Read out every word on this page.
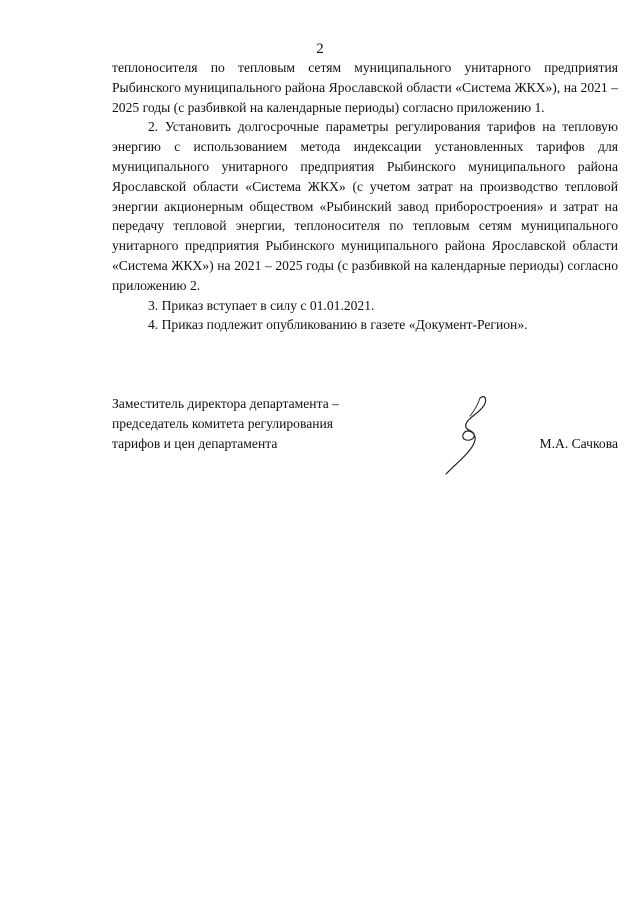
2

теплоносителя по тепловым сетям муниципального унитарного предприятия Рыбинского муниципального района Ярославской области «Система ЖКХ»), на 2021 – 2025 годы (с разбивкой на календарные периоды) согласно приложению 1.

2. Установить долгосрочные параметры регулирования тарифов на тепловую энергию с использованием метода индексации установленных тарифов для муниципального унитарного предприятия Рыбинского муниципального района Ярославской области «Система ЖКХ» (с учетом затрат на производство тепловой энергии акционерным обществом «Рыбинский завод приборостроения» и затрат на передачу тепловой энергии, теплоносителя по тепловым сетям муниципального унитарного предприятия Рыбинского муниципального района Ярославской области «Система ЖКХ») на 2021 – 2025 годы (с разбивкой на календарные периоды) согласно приложению 2.

3. Приказ вступает в силу с 01.01.2021.

4. Приказ подлежит опубликованию в газете «Документ-Регион».

Заместитель директора департамента –
председатель комитета регулирования
тарифов и цен департамента	М.А. Сачкова
